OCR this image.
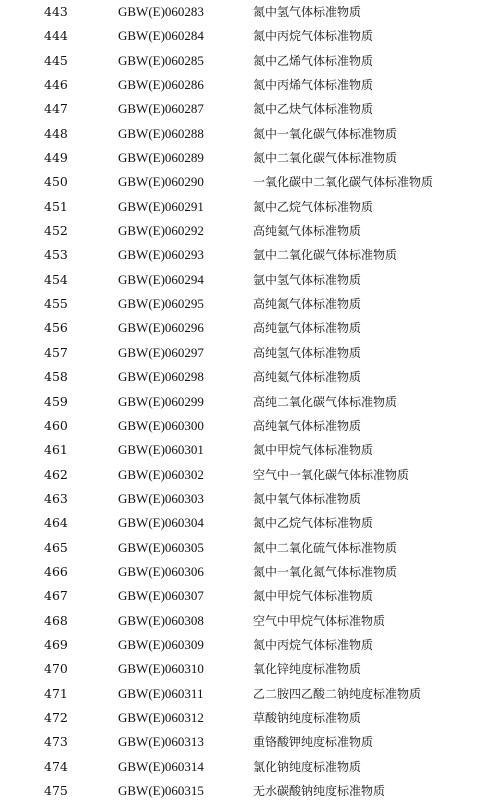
443	GBW(E)060283	氮中氢气体标准物质
444	GBW(E)060284	氮中丙烷气体标准物质
445	GBW(E)060285	氮中乙烯气体标准物质
446	GBW(E)060286	氮中丙烯气体标准物质
447	GBW(E)060287	氮中乙炔气体标准物质
448	GBW(E)060288	氮中一氧化碳气体标准物质
449	GBW(E)060289	氮中二氧化碳气体标准物质
450	GBW(E)060290	一氧化碳中二氧化碳气体标准物质
451	GBW(E)060291	氮中乙烷气体标准物质
452	GBW(E)060292	高纯氦气体标准物质
453	GBW(E)060293	氩中二氧化碳气体标准物质
454	GBW(E)060294	氩中氢气体标准物质
455	GBW(E)060295	高纯氮气体标准物质
456	GBW(E)060296	高纯氩气体标准物质
457	GBW(E)060297	高纯氢气体标准物质
458	GBW(E)060298	高纯氦气体标准物质
459	GBW(E)060299	高纯二氧化碳气体标准物质
460	GBW(E)060300	高纯氧气体标准物质
461	GBW(E)060301	氮中甲烷气体标准物质
462	GBW(E)060302	空气中一氧化碳气体标准物质
463	GBW(E)060303	氮中氧气体标准物质
464	GBW(E)060304	氮中乙烷气体标准物质
465	GBW(E)060305	氮中二氧化硫气体标准物质
466	GBW(E)060306	氮中一氧化氮气体标准物质
467	GBW(E)060307	氮中甲烷气体标准物质
468	GBW(E)060308	空气中甲烷气体标准物质
469	GBW(E)060309	氮中丙烷气体标准物质
470	GBW(E)060310	氧化锌纯度标准物质
471	GBW(E)060311	乙二胺四乙酸二钠纯度标准物质
472	GBW(E)060312	草酸钠纯度标准物质
473	GBW(E)060313	重铬酸钾纯度标准物质
474	GBW(E)060314	氯化钠纯度标准物质
475	GBW(E)060315	无水碳酸钠纯度标准物质
